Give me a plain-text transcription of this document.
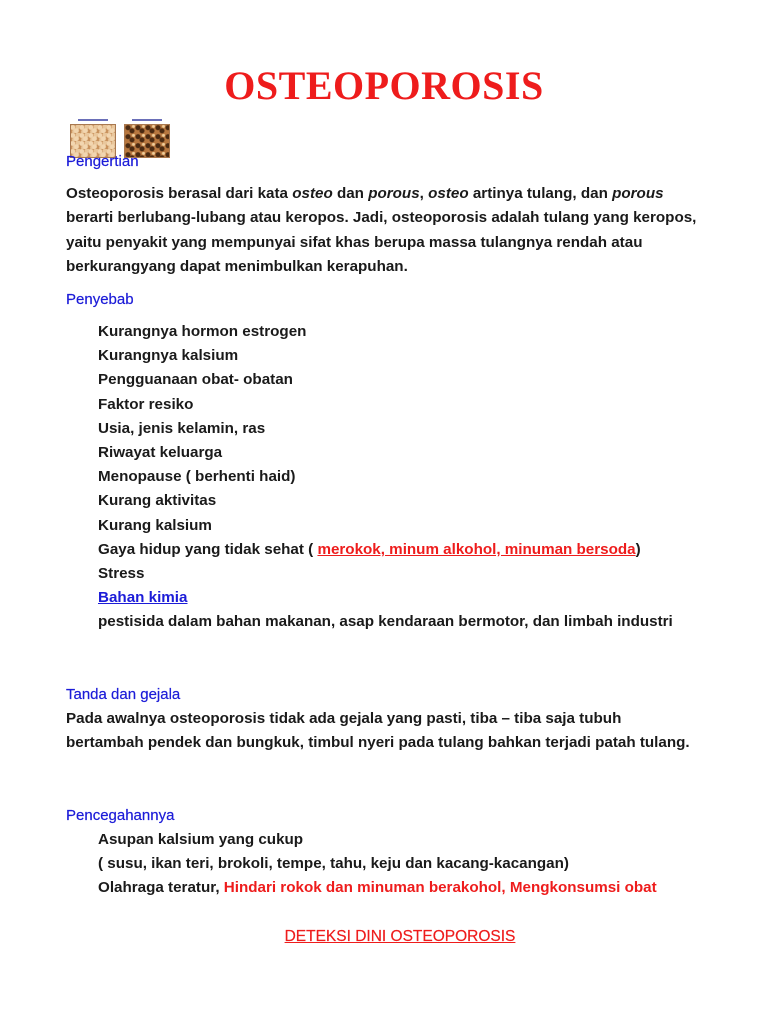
OSTEOPOROSIS
Pengertian
Osteoporosis berasal dari kata osteo dan porous, osteo artinya tulang, dan porous berarti berlubang-lubang atau keropos. Jadi, osteoporosis adalah tulang yang keropos, yaitu penyakit yang mempunyai sifat khas berupa massa tulangnya rendah atau berkurangyang dapat menimbulkan kerapuhan.
Penyebab
Kurangnya hormon estrogen
Kurangnya kalsium
Pengguanaan obat- obatan
Faktor resiko
Usia, jenis kelamin, ras
Riwayat keluarga
Menopause ( berhenti haid)
Kurang aktivitas
Kurang kalsium
Gaya hidup yang tidak sehat ( merokok, minum alkohol, minuman bersoda)
Stress
Bahan kimia
pestisida dalam bahan makanan, asap kendaraan bermotor, dan limbah industri
Tanda dan gejala
Pada awalnya osteoporosis tidak ada gejala yang pasti, tiba – tiba saja tubuh bertambah pendek dan bungkuk, timbul nyeri pada tulang bahkan terjadi patah tulang.
Pencegahannya
Asupan kalsium yang cukup
( susu, ikan teri, brokoli, tempe, tahu, keju dan kacang-kacangan)
Olahraga teratur, Hindari rokok dan minuman berakohol, Mengkonsumsi obat
DETEKSI DINI OSTEOPOROSIS
